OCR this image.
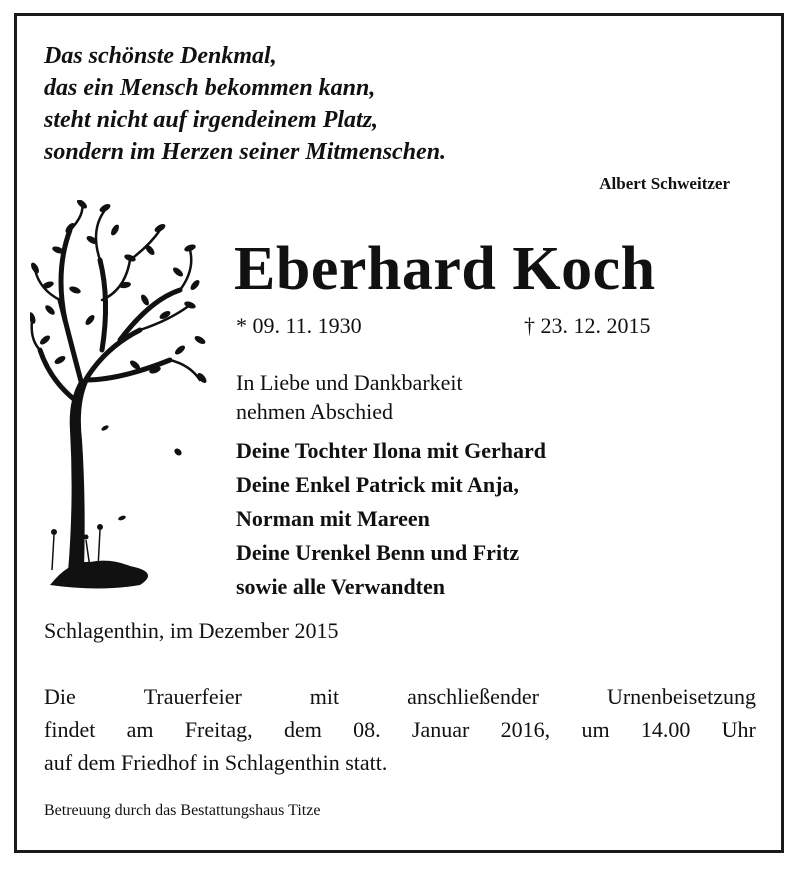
Das schönste Denkmal,
das ein Mensch bekommen kann,
steht nicht auf irgendeinem Platz,
sondern im Herzen seiner Mitmenschen.
Albert Schweitzer
Eberhard Koch
* 09. 11. 1930	† 23. 12. 2015
In Liebe und Dankbarkeit
nehmen Abschied
Deine Tochter Ilona mit Gerhard
Deine Enkel Patrick mit Anja,
Norman mit Mareen
Deine Urenkel Benn und Fritz
sowie alle Verwandten
Schlagenthin, im Dezember 2015
Die	Trauerfeier	mit	anschließender	Urnenbeisetzung
findet am Freitag, dem 08. Januar 2016, um 14.00 Uhr
auf dem Friedhof in Schlagenthin statt.
Betreuung durch das Bestattungshaus Titze
